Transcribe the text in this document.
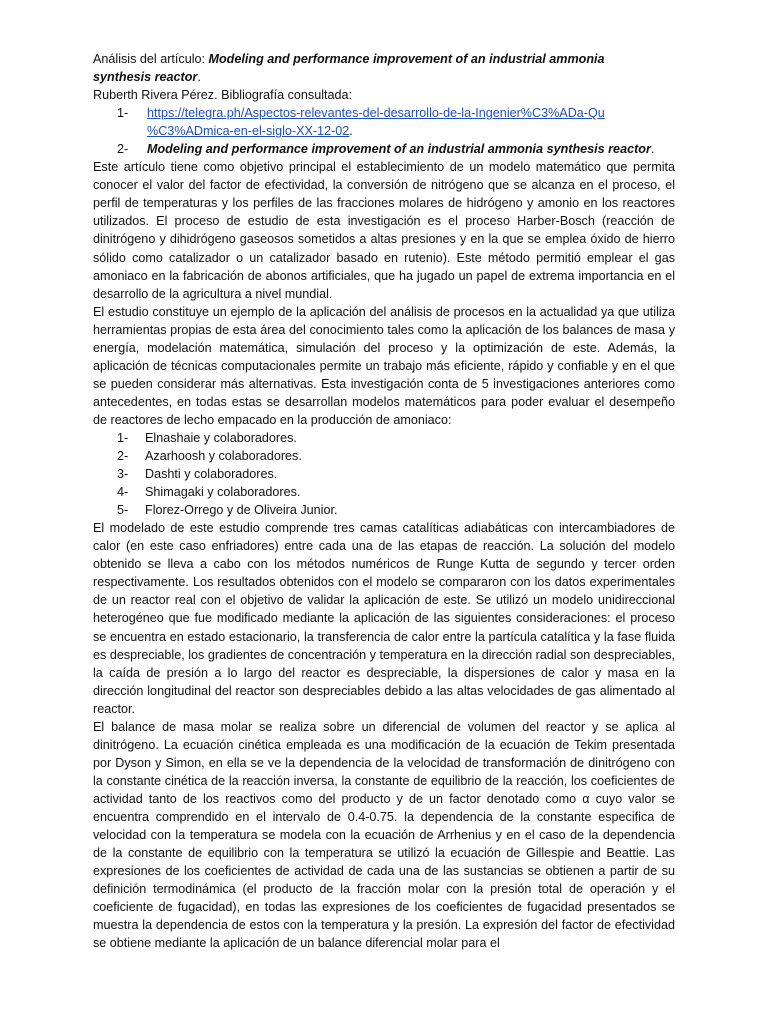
Análisis del artículo: Modeling and performance improvement of an industrial ammonia
synthesis reactor.
Ruberth Rivera Pérez. Bibliografía consultada:
1- https://telegra.ph/Aspectos-relevantes-del-desarrollo-de-la-Ingenier%C3%ADa-Qu
%C3%ADmica-en-el-siglo-XX-12-02.
2- Modeling and performance improvement of an industrial ammonia synthesis reactor.
Este artículo tiene como objetivo principal el establecimiento de un modelo matemático que permita conocer el valor del factor de efectividad, la conversión de nitrógeno que se alcanza en el proceso, el perfil de temperaturas y los perfiles de las fracciones molares de hidrógeno y amonio en los reactores utilizados. El proceso de estudio de esta investigación es el proceso Harber-Bosch (reacción de dinitrógeno y dihidrógeno gaseosos sometidos a altas presiones y en la que se emplea óxido de hierro sólido como catalizador o un catalizador basado en rutenio). Este método permitió emplear el gas amoniaco en la fabricación de abonos artificiales, que ha jugado un papel de extrema importancia en el desarrollo de la agricultura a nivel mundial.
El estudio constituye un ejemplo de la aplicación del análisis de procesos en la actualidad ya que utiliza herramientas propias de esta área del conocimiento tales como la aplicación de los balances de masa y energía, modelación matemática, simulación del proceso y la optimización de este. Además, la aplicación de técnicas computacionales permite un trabajo más eficiente, rápido y confiable y en el que se pueden considerar más alternativas. Esta investigación conta de 5 investigaciones anteriores como antecedentes, en todas estas se desarrollan modelos matemáticos para poder evaluar el desempeño de reactores de lecho empacado en la producción de amoniaco:
1- Elnashaie y colaboradores.
2- Azarhoosh y colaboradores.
3- Dashti y colaboradores.
4- Shimagaki y colaboradores.
5- Florez-Orrego y de Oliveira Junior.
El modelado de este estudio comprende tres camas catalíticas adiabáticas con intercambiadores de calor (en este caso enfriadores) entre cada una de las etapas de reacción. La solución del modelo obtenido se lleva a cabo con los métodos numéricos de Runge Kutta de segundo y tercer orden respectivamente. Los resultados obtenidos con el modelo se compararon con los datos experimentales de un reactor real con el objetivo de validar la aplicación de este. Se utilizó un modelo unidireccional heterogéneo que fue modificado mediante la aplicación de las siguientes consideraciones: el proceso se encuentra en estado estacionario, la transferencia de calor entre la partícula catalítica y la fase fluida es despreciable, los gradientes de concentración y temperatura en la dirección radial son despreciables, la caída de presión a lo largo del reactor es despreciable, la dispersiones de calor y masa en la dirección longitudinal del reactor son despreciables debido a las altas velocidades de gas alimentado al reactor.
El balance de masa molar se realiza sobre un diferencial de volumen del reactor y se aplica al dinitrógeno. La ecuación cinética empleada es una modificación de la ecuación de Tekim presentada por Dyson y Simon, en ella se ve la dependencia de la velocidad de transformación de dinitrógeno con la constante cinética de la reacción inversa, la constante de equilibrio de la reacción, los coeficientes de actividad tanto de los reactivos como del producto y de un factor denotado como α cuyo valor se encuentra comprendido en el intervalo de 0.4-0.75. la dependencia de la constante especifica de velocidad con la temperatura se modela con la ecuación de Arrhenius y en el caso de la dependencia de la constante de equilibrio con la temperatura se utilizó la ecuación de Gillespie and Beattie. Las expresiones de los coeficientes de actividad de cada una de las sustancias se obtienen a partir de su definición termodinámica (el producto de la fracción molar con la presión total de operación y el coeficiente de fugacidad), en todas las expresiones de los coeficientes de fugacidad presentados se muestra la dependencia de estos con la temperatura y la presión. La expresión del factor de efectividad se obtiene mediante la aplicación de un balance diferencial molar para el
